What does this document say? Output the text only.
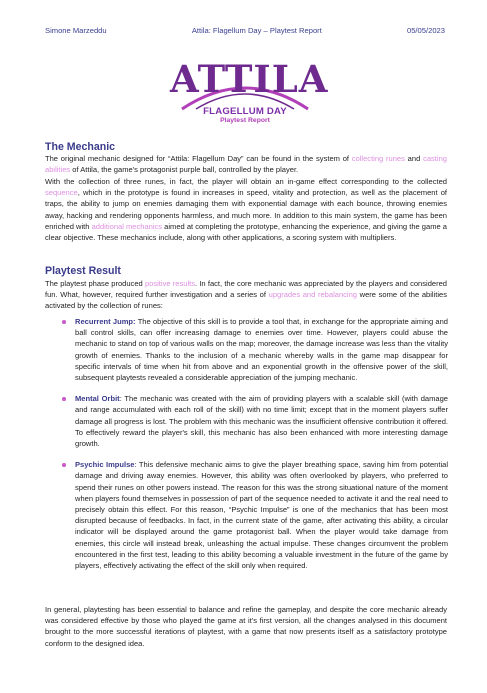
Simone Marzeddu	Attila: Flagellum Day – Playtest Report	05/05/2023
ATTILA
FLAGELLUM DAY
Playtest Report
The Mechanic

The original mechanic designed for “Attila: Flagellum Day” can be found in the system of collecting runes and casting abilities of Attila, the game's protagonist purple ball, controlled by the player.

With the collection of three runes, in fact, the player will obtain an in-game effect corresponding to the collected sequence, which in the prototype is found in increases in speed, vitality and protection, as well as the placement of traps, the ability to jump on enemies damaging them with exponential damage with each bounce, throwing enemies away, hacking and rendering opponents harmless, and much more. In addition to this main system, the game has been enriched with additional mechanics aimed at completing the prototype, enhancing the experience, and giving the game a clear objective. These mechanics include, along with other applications, a scoring system with multipliers.

Playtest Result

The playtest phase produced positive results. In fact, the core mechanic was appreciated by the players and considered fun. What, however, required further investigation and a series of upgrades and rebalancing were some of the abilities activated by the collection of runes:

Recurrent Jump: The objective of this skill is to provide a tool that, in exchange for the appropriate aiming and ball control skills, can offer increasing damage to enemies over time. However, players could abuse the mechanic to stand on top of various walls on the map; moreover, the damage increase was less than the vitality growth of enemies. Thanks to the inclusion of a mechanic whereby walls in the game map disappear for specific intervals of time when hit from above and an exponential growth in the offensive power of the skill, subsequent playtests revealed a considerable appreciation of the jumping mechanic.
Mental Orbit: The mechanic was created with the aim of providing players with a scalable skill (with damage and range accumulated with each roll of the skill) with no time limit; except that in the moment players suffer damage all progress is lost. The problem with this mechanic was the insufficient offensive contribution it offered. To effectively reward the player's skill, this mechanic has also been enhanced with more interesting damage growth.
Psychic Impulse: This defensive mechanic aims to give the player breathing space, saving him from potential damage and driving away enemies. However, this ability was often overlooked by players, who preferred to spend their runes on other powers instead. The reason for this was the strong situational nature of the moment when players found themselves in possession of part of the sequence needed to activate it and the real need to precisely obtain this effect. For this reason, “Psychic Impulse” is one of the mechanics that has been most disrupted because of feedbacks. In fact, in the current state of the game, after activating this ability, a circular indicator will be displayed around the game protagonist ball. When the player would take damage from enemies, this circle will instead break, unleashing the actual impulse. These changes circumvent the problem encountered in the first test, leading to this ability becoming a valuable investment in the future of the game by players, effectively activating the effect of the skill only when required.

In general, playtesting has been essential to balance and refine the gameplay, and despite the core mechanic already was considered effective by those who played the game at it's first version, all the changes analysed in this document brought to the more successful iterations of playtest, with a game that now presents itself as a satisfactory prototype conform to the designed idea.
